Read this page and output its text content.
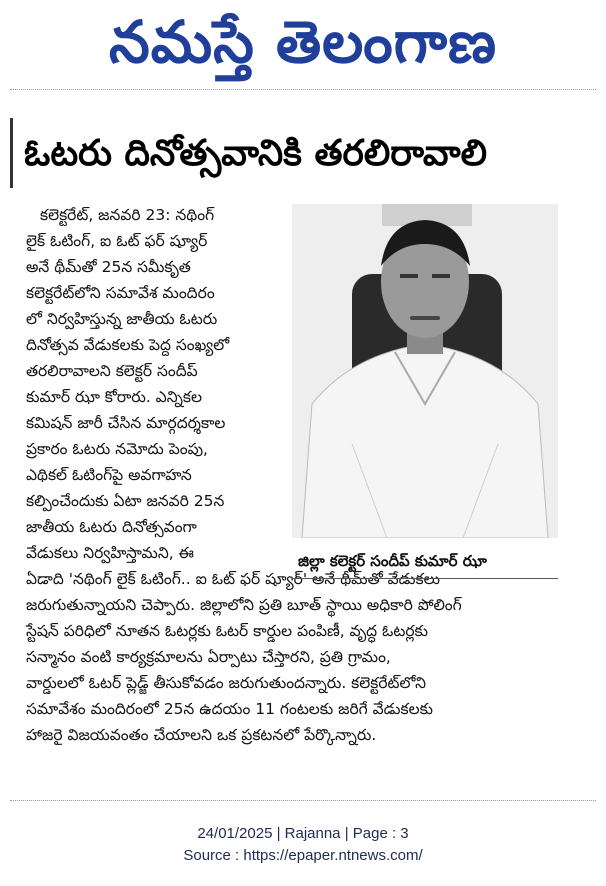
నమస్తే తెలంగాణ
ఓటరు దినోత్సవానికి తరలిరావాలి
కలెక్టరేట్, జనవరి 23: నథింగ్
లైక్ ఓటింగ్, ఐ ఓట్ ఫర్ ష్యూర్
అనే థీమ్‌తో 25న సమీకృత
కలెక్టరేట్‌లోని సమావేశ మందిరం
లో నిర్వహిస్తున్న జాతీయ ఓటరు
దినోత్సవ వేడుకలకు పెద్ద సంఖ్యలో
తరలిరావాలని కలెక్టర్ సందీప్
కుమార్ ఝా కోరారు. ఎన్నికల
కమిషన్ జారీ చేసిన మార్గదర్శకాల
ప్రకారం ఓటరు నమోదు పెంపు,
ఎథికల్ ఓటింగ్‌పై అవగాహన
కల్పించేందుకు ఏటా జనవరి 25న
జాతీయ ఓటరు దినోత్సవంగా
వేడుకలు నిర్వహిస్తామని, ఈ
ఏడాది 'నథింగ్ లైక్ ఓటింగ్.. ఐ ఓట్ ఫర్ ష్యూర్' అనే థీమ్‌తో వేడుకలు
జరుగుతున్నాయని చెప్పారు. జిల్లాలోని ప్రతి బూత్ స్థాయి అధికారి పోలింగ్
స్టేషన్ పరిధిలో నూతన ఓటర్లకు ఓటర్ కార్డుల పంపిణీ, వృద్ధ ఓటర్లకు
సన్మానం వంటి కార్యక్రమాలను ఏర్పాటు చేస్తారని, ప్రతి గ్రామం,
వార్డులలో ఓటర్ ప్లెడ్జ్ తీసుకోవడం జరుగుతుందన్నారు. కలెక్టరేట్‌లోని
సమావేశం మందిరంలో 25న ఉదయం 11 గంటలకు జరిగే వేడుకలకు
హాజరై విజయవంతం చేయాలని ఒక ప్రకటనలో పేర్కొన్నారు.
జిల్లా కలెక్టర్ సందీప్ కుమార్ ఝా
24/01/2025 | Rajanna | Page : 3
Source : https://epaper.ntnews.com/
